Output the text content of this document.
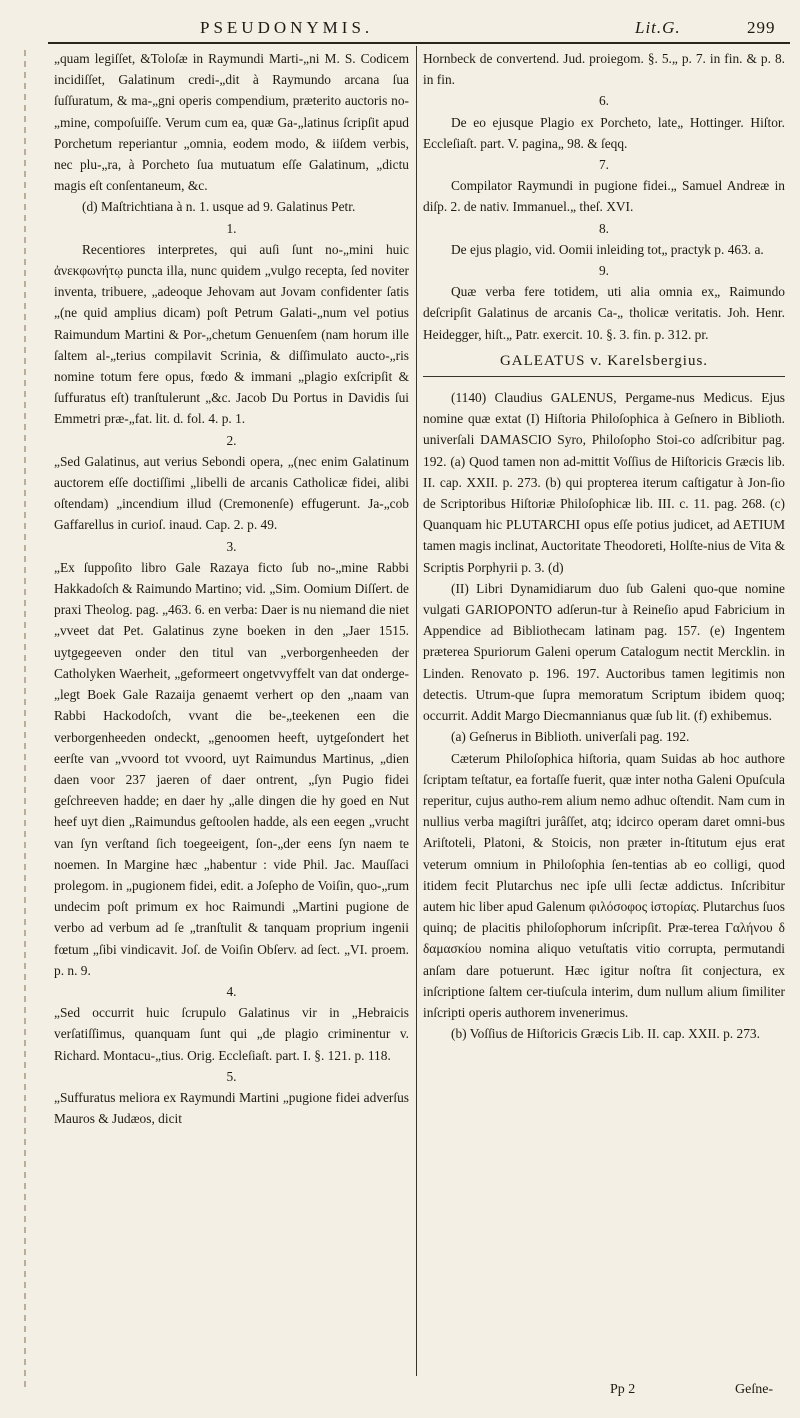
PSEUDONYMIS.	Lit.G.	299

„quam legiſſet, &Toloſæ in Raymundi Marti-„ni M. S. Codicem incidiſſet, Galatinum credi-„dit à Raymundo arcana ſua ſuſſuratum, & ma-„gni operis compendium, præterito auctoris no-„mine, compoſuiſſe. Verum cum ea, quæ Ga-„latinus ſcripſit apud Porchetum reperiantur „omnia, eodem modo, & iiſdem verbis, nec plu-„ra, à Porcheto ſua mutuatum eſſe Galatinum, „dictu magis eſt conſentaneum, &c.

(d) Maſtrichtiana à n. 1. usque ad 9. Galatinus Petr.

1.

Recentiores interpretes, qui auſi ſunt no-„mini huic ἀνεκφωνήτῳ puncta illa, nunc quidem „vulgo recepta, ſed noviter inventa, tribuere, „adeoque Jehovam aut Jovam confidenter ſatis „(ne quid amplius dicam) poſt Petrum Galati-„num vel potius Raimundum Martini & Por-„chetum Genuenſem (nam horum ille ſaltem al-„terius compilavit Scrinia, & diſſimulato aucto-„ris nomine totum fere opus, fœdo & immani „plagio exſcripſit & ſuffuratus eſt) tranſtulerunt „&c. Jacob Du Portus in Davidis ſui Emmetri præ-„fat. lit. d. fol. 4. p. 1.

2.

„Sed Galatinus, aut verius Sebondi opera, „(nec enim Galatinum auctorem eſſe doctiſſimi „libelli de arcanis Catholicæ fidei, alibi oſtendam) „incendium illud (Cremonenſe) effugerunt. Ja-„cob Gaffarellus in curioſ. inaud. Cap. 2. p. 49.

3.

„Ex ſuppoſito libro Gale Razaya ficto ſub no-„mine Rabbi Hakkadoſch & Raimundo Martino; vid. „Sim. Oomium Diſſert. de praxi Theolog. pag. „463. 6. en verba: Daer is nu niemand die niet „vveet dat Pet. Galatinus zyne boeken in den „Jaer 1515. uytgegeeven onder den titul van „verborgenheeden der Catholyken Waerheit, „geformeert ongetvvyffelt van dat onderge-„legt Boek Gale Razaija genaemt verhert op den „naam van Rabbi Hackodoſch, vvant die be-„teekenen een die verborgenheeden ondeckt, „genoomen heeft, uytgeſondert het eerſte van „vvoord tot vvoord, uyt Raimundus Martinus, „dien daen voor 237 jaeren of daer ontrent, „ſyn Pugio fidei geſchreeven hadde; en daer hy „alle dingen die hy goed en Nut heef uyt dien „Raimundus geſtoolen hadde, als een eegen „vrucht van ſyn verſtand ſich toegeeigent, ſon-„der eens ſyn naem te noemen. In Margine hæc „habentur : vide Phil. Jac. Mauſſaci prolegom. in „pugionem fidei, edit. a Joſepho de Voiſin, quo-„rum undecim poſt primum ex hoc Raimundi „Martini pugione de verbo ad verbum ad ſe „tranſtulit & tanquam proprium ingenii fœtum „ſibi vindicavit. Joſ. de Voiſin Obſerv. ad ſect. „VI. proem. p. n. 9.

4.

„Sed occurrit huic ſcrupulo Galatinus vir in „Hebraicis verſatiſſimus, quanquam ſunt qui „de plagio criminentur v. Richard. Montacu-„tius. Orig. Eccleſiaſt. part. I. §. 121. p. 118.

5.

„Suffuratus meliora ex Raymundi Martini „pugione fidei adverſus Mauros & Judæos, dicit

Hornbeck de convertend. Jud. proiegom. §. 5.„ p. 7. in fin. & p. 8. in fin.

6.

De eo ejusque Plagio ex Porcheto, late„ Hottinger. Hiſtor. Eccleſiaſt. part. V. pagina„ 98. & ſeqq.

7.

Compilator Raymundi in pugione fidei.„ Samuel Andreæ in diſp. 2. de nativ. Immanuel.„ theſ. XVI.

8.

De ejus plagio, vid. Oomii inleiding tot„ practyk p. 463. a.

9.

Quæ verba fere totidem, uti alia omnia ex„ Raimundo deſcripſit Galatinus de arcanis Ca-„ tholicæ veritatis. Joh. Henr. Heidegger, hiſt.„ Patr. exercit. 10. §. 3. fin. p. 312. pr.

GALEATUS v. Karelsbergius.

(1140) Claudius GALENUS, Pergame-nus Medicus. Ejus nomine quæ extat (I) Hiſtoria Philoſophica à Geſnero in Biblioth. univerſali DAMASCIO Syro, Philoſopho Stoi-co adſcribitur pag. 192. (a) Quod tamen non ad-mittit Voſſius de Hiſtoricis Græcis lib. II. cap. XXII. p. 273. (b) qui propterea iterum caſtigatur à Jon-ſio de Scriptoribus Hiſtoriæ Philoſophicæ lib. III. c. 11. pag. 268. (c) Quanquam hic PLUTARCHI opus eſſe potius judicet, ad AETIUM tamen magis inclinat, Auctoritate Theodoreti, Holſte-nius de Vita & Scriptis Porphyrii p. 3. (d)

(II) Libri Dynamidiarum duo ſub Galeni quo-que nomine vulgati GARIOPONTO adſerun-tur à Reineſio apud Fabricium in Appendice ad Bibliothecam latinam pag. 157. (e) Ingentem præterea Spuriorum Galeni operum Catalogum nectit Mercklin. in Linden. Renovato p. 196. 197. Auctoribus tamen legitimis non detectis. Utrum-que ſupra memoratum Scriptum ibidem quoq; occurrit. Addit Margo Diecmannianus quæ ſub lit. (f) exhibemus.

(a) Geſnerus in Biblioth. univerſali pag. 192.

Cæterum Philoſophica hiſtoria, quam Suidas ab hoc authore ſcriptam teſtatur, ea fortaſſe fuerit, quæ inter notha Galeni Opuſcula reperitur, cujus autho-rem alium nemo adhuc oſtendit. Nam cum in nullius verba magiſtri jurâſſet, atq; idcirco operam daret omni-bus Ariſtoteli, Platoni, & Stoicis, non præter in-ſtitutum ejus erat veterum omnium in Philoſophia ſen-tentias ab eo colligi, quod itidem fecit Plutarchus nec ipſe ulli ſectæ addictus. Inſcribitur autem hic liber apud Galenum φιλόσοφος ἱστορίας. Plutarchus ſuos quinq; de placitis philoſophorum inſcripſit. Præ-terea Γαλήνου δ δαμασκίου nomina aliquo vetuſtatis vitio corrupta, permutandi anſam dare potuerunt. Hæc igitur noſtra ſit conjectura, ex inſcriptione ſaltem cer-tiuſcula interim, dum nullum alium ſimiliter inſcripti operis authorem invenerimus.

(b) Voſſius de Hiſtoricis Græcis Lib. II. cap. XXII. p. 273.

Pp 2	Geſne-
